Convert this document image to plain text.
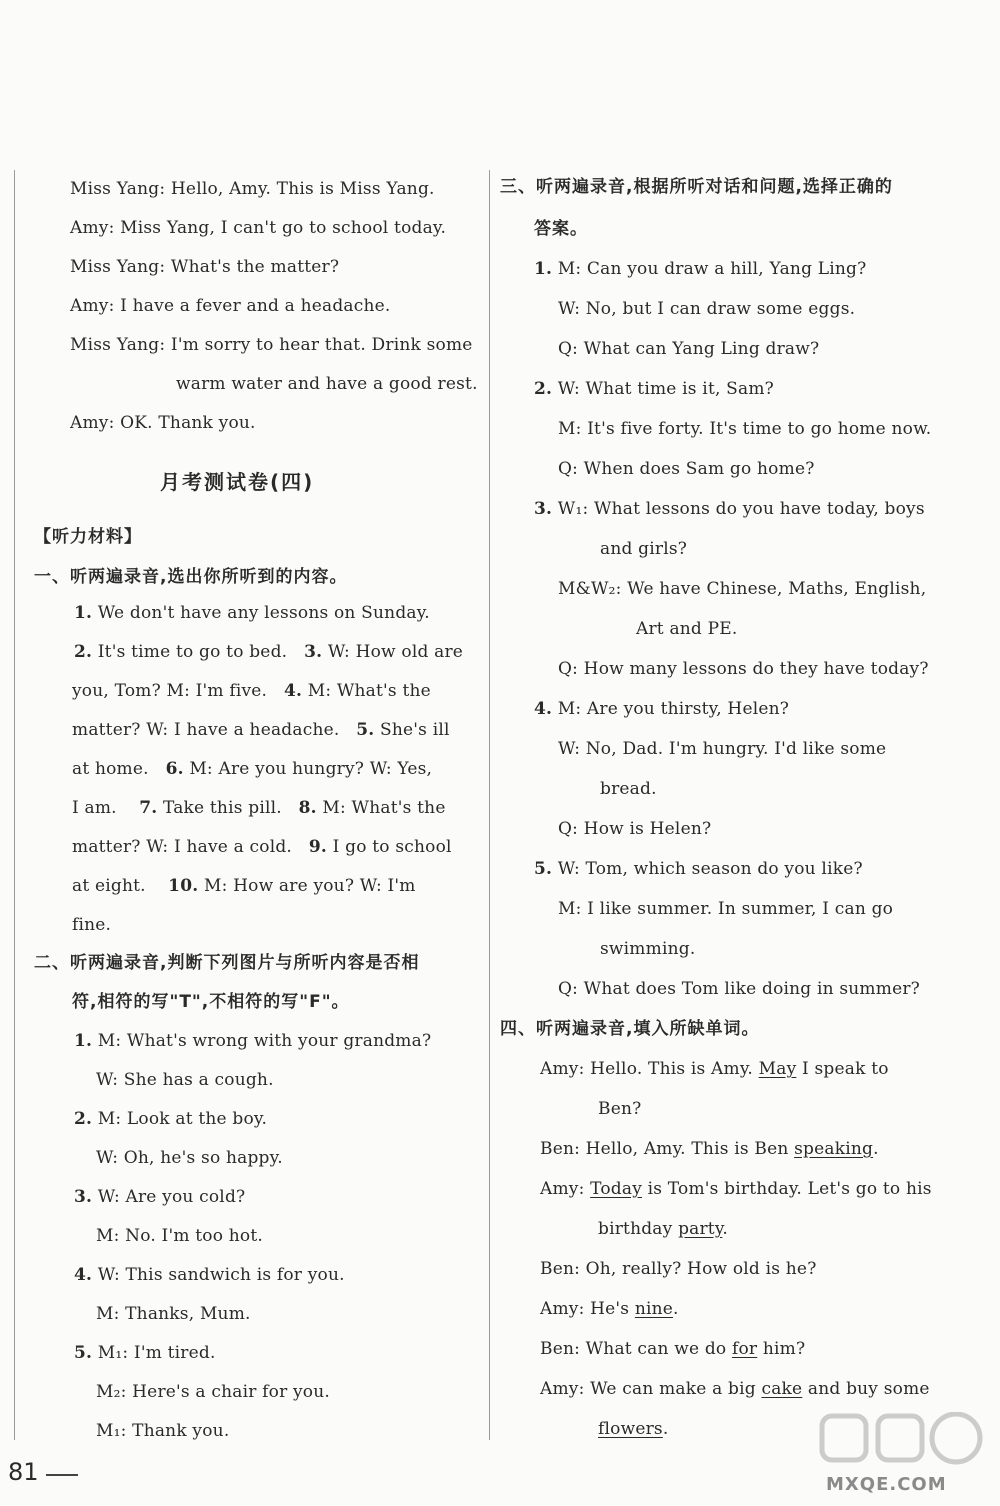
Miss Yang: Hello, Amy. This is Miss Yang.
Amy: Miss Yang, I can't go to school today.
Miss Yang: What's the matter?
Amy: I have a fever and a headache.
Miss Yang: I'm sorry to hear that. Drink some
warm water and have a good rest.
Amy: OK. Thank you.
月考测试卷(四)
【听力材料】
一、听两遍录音,选出你所听到的内容。
1. We don't have any lessons on Sunday.
2. It's time to go to bed. 3. W: How old are
you, Tom? M: I'm five. 4. M: What's the
matter? W: I have a headache. 5. She's ill
at home. 6. M: Are you hungry? W: Yes,
I am. 7. Take this pill. 8. M: What's the
matter? W: I have a cold. 9. I go to school
at eight. 10. M: How are you? W: I'm
fine.
二、听两遍录音,判断下列图片与所听内容是否相
符,相符的写"T",不相符的写"F"。
1. M: What's wrong with your grandma?
W: She has a cough.
2. M: Look at the boy.
W: Oh, he's so happy.
3. W: Are you cold?
M: No. I'm too hot.
4. W: This sandwich is for you.
M: Thanks, Mum.
5. M₁: I'm tired.
M₂: Here's a chair for you.
M₁: Thank you.
三、听两遍录音,根据所听对话和问题,选择正确的
答案。
1. M: Can you draw a hill, Yang Ling?
W: No, but I can draw some eggs.
Q: What can Yang Ling draw?
2. W: What time is it, Sam?
M: It's five forty. It's time to go home now.
Q: When does Sam go home?
3. W₁: What lessons do you have today, boys
and girls?
M&W₂: We have Chinese, Maths, English,
Art and PE.
Q: How many lessons do they have today?
4. M: Are you thirsty, Helen?
W: No, Dad. I'm hungry. I'd like some
bread.
Q: How is Helen?
5. W: Tom, which season do you like?
M: I like summer. In summer, I can go
swimming.
Q: What does Tom like doing in summer?
四、听两遍录音,填入所缺单词。
Amy: Hello. This is Amy. May I speak to
Ben?
Ben: Hello, Amy. This is Ben speaking.
Amy: Today is Tom's birthday. Let's go to his
birthday party.
Ben: Oh, really? How old is he?
Amy: He's nine.
Ben: What can we do for him?
Amy: We can make a big cake and buy some
flowers.
81	MXQE.COM
